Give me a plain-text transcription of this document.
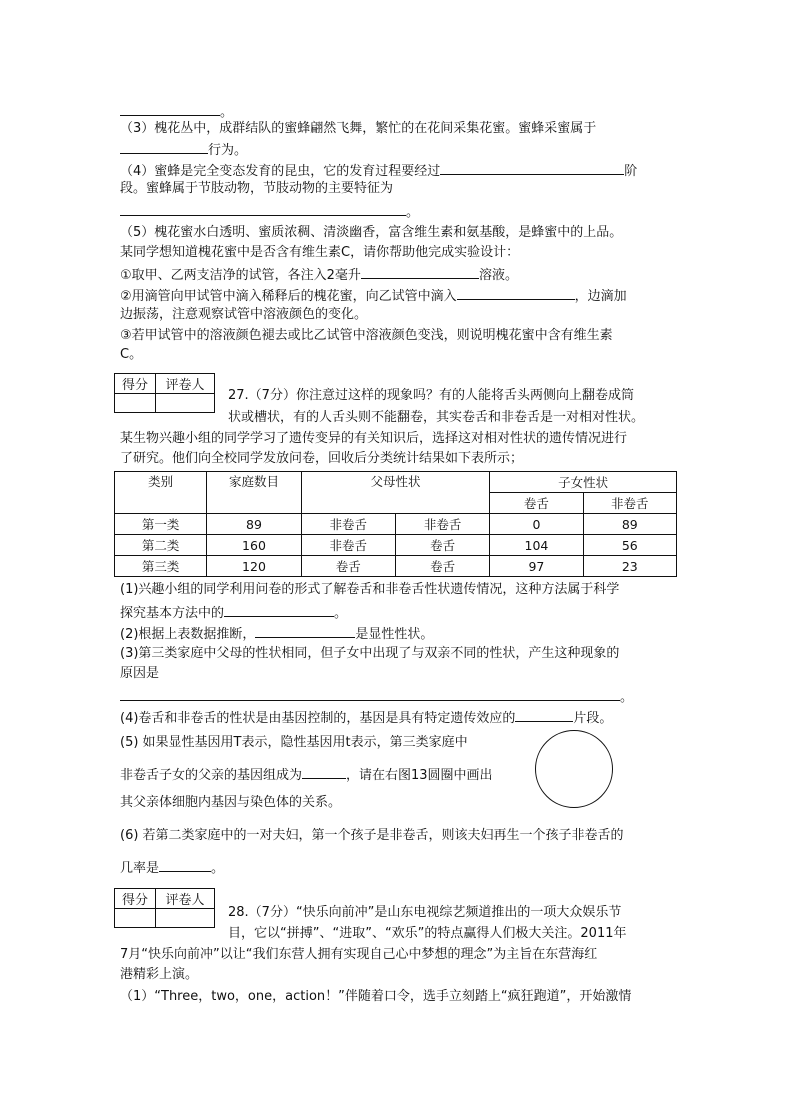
。
（3）槐花丛中，成群结队的蜜蜂翩然飞舞，繁忙的在花间采集花蜜。蜜蜂采蜜属于
行为。
（4）蜜蜂是完全变态发育的昆虫，它的发育过程要经过	阶
段。蜜蜂属于节肢动物，节肢动物的主要特征为
。
（5）槐花蜜水白透明、蜜质浓稠、清淡幽香，富含维生素和氨基酸，是蜂蜜中的上品。
某同学想知道槐花蜜中是否含有维生素C，请你帮助他完成实验设计：
①取甲、乙两支洁净的试管，各注入2毫升	溶液。
②用滴管向甲试管中滴入稀释后的槐花蜜，向乙试管中滴入	，边滴加
边振荡，注意观察试管中溶液颜色的变化。
③若甲试管中的溶液颜色褪去或比乙试管中溶液颜色变浅，则说明槐花蜜中含有维生素
C。
得分	评卷人

27.（7分）你注意过这样的现象吗？有的人能将舌头两侧向上翻卷成筒
状或槽状，有的人舌头则不能翻卷，其实卷舌和非卷舌是一对相对性状。
某生物兴趣小组的同学学习了遗传变异的有关知识后，选择这对相对性状的遗传情况进行
了研究。他们向全校同学发放问卷，回收后分类统计结果如下表所示；
类别	家庭数目	父母性状		子女性状	
				卷舌	非卷舌
第一类	89	非卷舌	非卷舌	0	89
第二类	160	非卷舌	卷舌	104	56
第三类	120	卷舌	卷舌	97	23
(1)兴趣小组的同学利用问卷的形式了解卷舌和非卷舌性状遗传情况，这种方法属于科学
探究基本方法中的	。
(2)根据上表数据推断，	是显性性状。
(3)第三类家庭中父母的性状相同，但子女中出现了与双亲不同的性状，产生这种现象的
原因是
。
(4)卷舌和非卷舌的性状是由基因控制的，基因是具有特定遗传效应的	片段。
(5) 如果显性基因用T表示，隐性基因用t表示，第三类家庭中
非卷舌子女的父亲的基因组成为	，请在右图13圆圈中画出
其父亲体细胞内基因与染色体的关系。
(6) 若第二类家庭中的一对夫妇，第一个孩子是非卷舌，则该夫妇再生一个孩子非卷舌的
几率是	。
得分	评卷人

28.（7分）“快乐向前冲”是山东电视综艺频道推出的一项大众娱乐节
目，它以“拼搏”、“进取”、“欢乐”的特点赢得人们极大关注。2011年
7月“快乐向前冲”以让“我们东营人拥有实现自己心中梦想的理念”为主旨在东营海红
港精彩上演。
（1）“Three，two，one，action！”伴随着口令，选手立刻踏上“疯狂跑道”，开始激情
